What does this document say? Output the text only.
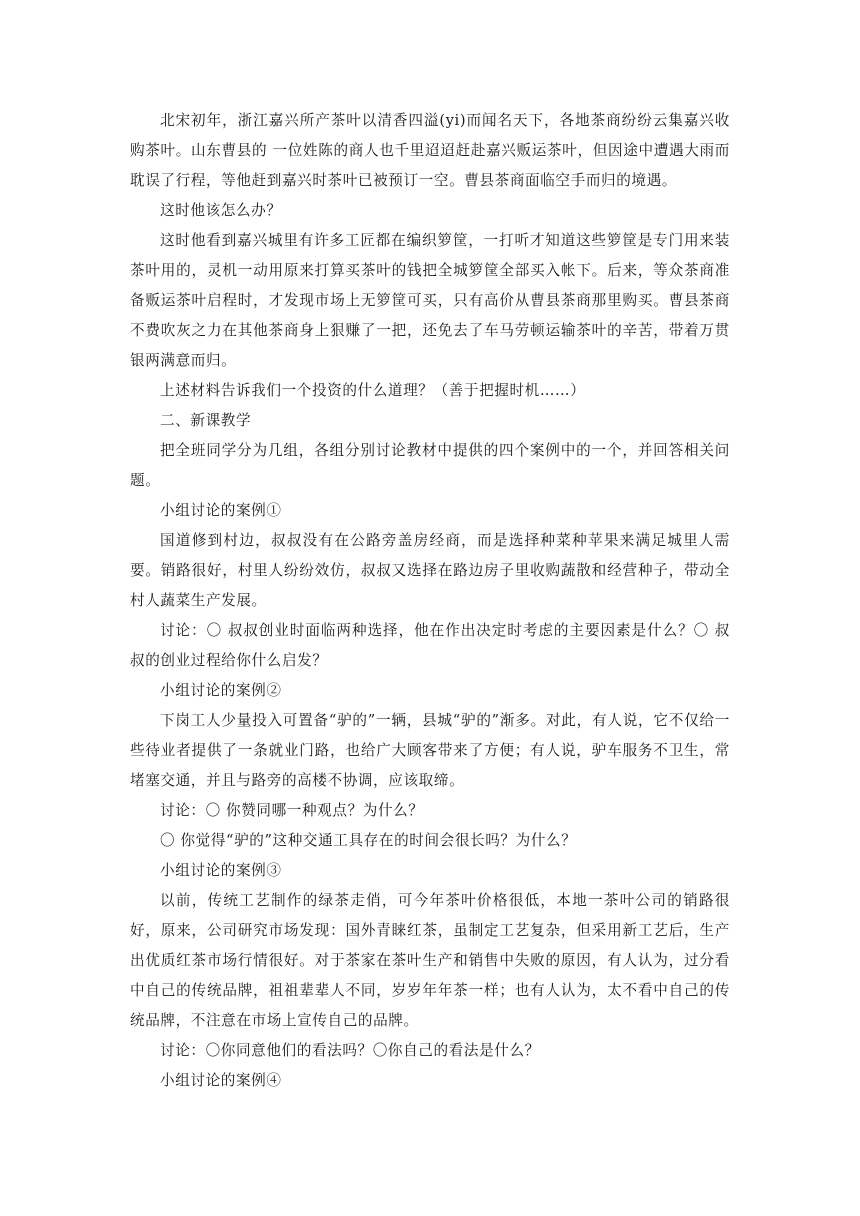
北宋初年，浙江嘉兴所产茶叶以清香四溢(yi)而闻名天下，各地茶商纷纷云集嘉兴收购茶叶。山东曹县的 一位姓陈的商人也千里迢迢赶赴嘉兴贩运茶叶，但因途中遭遇大雨而耽误了行程，等他赶到嘉兴时茶叶已被预订一空。曹县茶商面临空手而归的境遇。

这时他该怎么办？

这时他看到嘉兴城里有许多工匠都在编织箩筐，一打听才知道这些箩筐是专门用来装茶叶用的，灵机一动用原来打算买茶叶的钱把全城箩筐全部买入帐下。后来，等众茶商准备贩运茶叶启程时，才发现市场上无箩筐可买，只有高价从曹县茶商那里购买。曹县茶商不费吹灰之力在其他茶商身上狠赚了一把，还免去了车马劳顿运输茶叶的辛苦，带着万贯银两满意而归。

上述材料告诉我们一个投资的什么道理？（善于把握时机……）

二、新课教学

把全班同学分为几组，各组分别讨论教材中提供的四个案例中的一个，并回答相关问题。

小组讨论的案例①

国道修到村边，叔叔没有在公路旁盖房经商，而是选择种菜种苹果来满足城里人需要。销路很好，村里人纷纷效仿，叔叔又选择在路边房子里收购蔬散和经营种子，带动全村人蔬菜生产发展。

讨论：〇 叔叔创业时面临两种选择，他在作出决定时考虑的主要因素是什么？〇 叔叔的创业过程给你什么启发？

小组讨论的案例②

下岗工人少量投入可置备“驴的”一辆，县城“驴的”渐多。对此，有人说，它不仅给一些待业者提供了一条就业门路，也给广大顾客带来了方便；有人说，驴车服务不卫生，常堵塞交通，并且与路旁的高楼不协调，应该取缔。

讨论：〇 你赞同哪一种观点？为什么？

〇 你觉得“驴的”这种交通工具存在的时间会很长吗？为什么？

小组讨论的案例③

以前，传统工艺制作的绿茶走俏，可今年茶叶价格很低，本地一茶叶公司的销路很好，原来，公司研究市场发现：国外青睐红茶，虽制定工艺复杂，但采用新工艺后，生产出优质红茶市场行情很好。对于茶家在茶叶生产和销售中失败的原因，有人认为，过分看中自己的传统品牌，祖祖辈辈人不同，岁岁年年茶一样；也有人认为，太不看中自己的传统品牌，不注意在市场上宣传自己的品牌。

讨论：〇你同意他们的看法吗？〇你自己的看法是什么？

小组讨论的案例④
